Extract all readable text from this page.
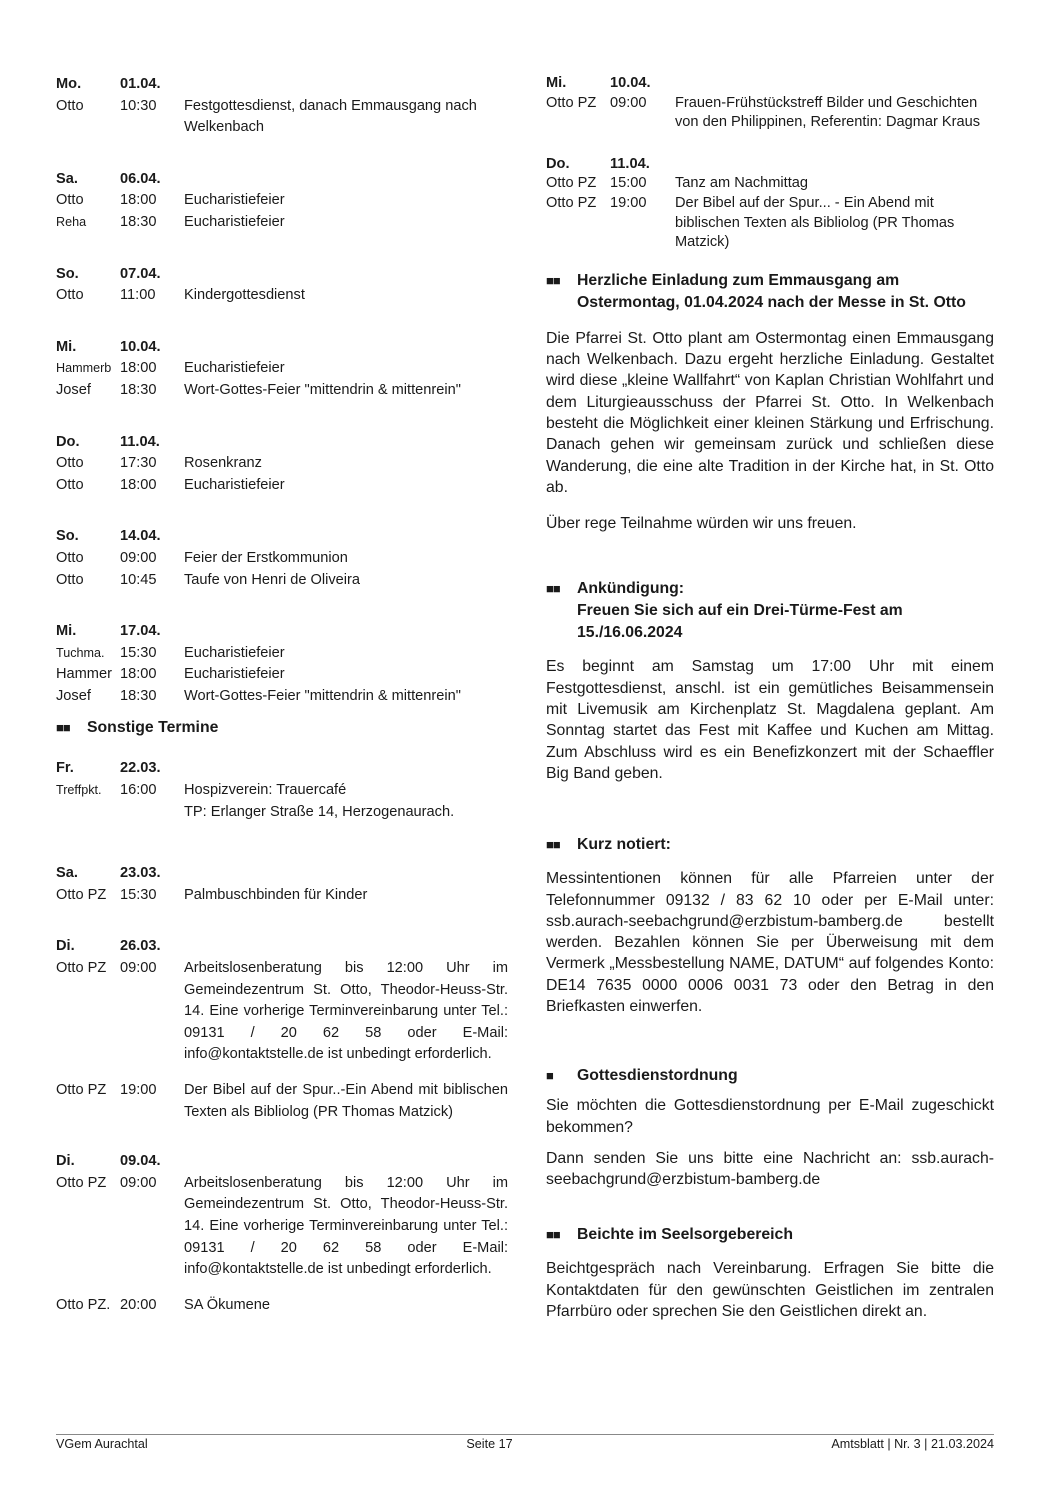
Mo.	01.04.
Otto	10:30	Festgottesdienst, danach Emmausgang nach Welkenbach
Sa.	06.04.
Otto	18:00	Eucharistiefeier
Reha	18:30	Eucharistiefeier
So.	07.04.
Otto	11:00	Kindergottesdienst
Mi.	10.04.
Hammerb 18:00	Eucharistiefeier
Josef	18:30	Wort-Gottes-Feier "mittendrin & mittenrein"
Do.	11.04.
Otto	17:30	Rosenkranz
Otto	18:00	Eucharistiefeier
So.	14.04.
Otto	09:00	Feier der Erstkommunion
Otto	10:45	Taufe von Henri de Oliveira
Mi.	17.04.
Tuchma.	15:30	Eucharistiefeier
Hammer 18:00	Eucharistiefeier
Josef	18:30	Wort-Gottes-Feier "mittendrin & mittenrein"
■■	Sonstige Termine
Fr.	22.03.
Treffpkt.	16:00	Hospizverein: Trauercafé
TP: Erlanger Straße 14, Herzogenaurach.
Sa.	23.03.
Otto PZ 15:30	Palmbuschbinden für Kinder
Di.	26.03.
Otto PZ 09:00	Arbeitslosenberatung bis 12:00 Uhr im Gemeindezentrum St. Otto, Theodor-Heuss-Str. 14. Eine vorherige Terminvereinbarung unter Tel.: 09131 / 20 62 58 oder E-Mail: info@kontaktstelle.de ist unbedingt erforderlich.
Otto PZ 19:00	Der Bibel auf der Spur..-Ein Abend mit biblischen Texten als Bibliolog (PR Thomas Matzick)
Di.	09.04.
Otto PZ 09:00	Arbeitslosenberatung bis 12:00 Uhr im Gemeindezentrum St. Otto, Theodor-Heuss-Str. 14. Eine vorherige Terminvereinbarung unter Tel.: 09131 / 20 62 58 oder E-Mail: info@kontaktstelle.de ist unbedingt erforderlich.
Otto PZ. 20:00	SA Ökumene
Mi.	10.04.
Otto PZ 09:00	Frauen-Frühstückstreff Bilder und Geschichten von den Philippinen, Referentin: Dagmar Kraus
Do.	11.04.
Otto PZ 15:00	Tanz am Nachmittag
Otto PZ 19:00	Der Bibel auf der Spur... - Ein Abend mit biblischen Texten als Bibliolog (PR Thomas Matzick)
■■	Herzliche Einladung zum Emmausgang am Ostermontag, 01.04.2024 nach der Messe in St. Otto

Die Pfarrei St. Otto plant am Ostermontag einen Emmausgang nach Welkenbach. Dazu ergeht herzliche Einladung. Gestaltet wird diese „kleine Wallfahrt“ von Kaplan Christian Wohlfahrt und dem Liturgieausschuss der Pfarrei St. Otto. In Welkenbach besteht die Möglichkeit einer kleinen Stärkung und Erfrischung. Danach gehen wir gemeinsam zurück und schließen diese Wanderung, die eine alte Tradition in der Kirche hat, in St. Otto ab.

Über rege Teilnahme würden wir uns freuen.

■■	Ankündigung:
Freuen Sie sich auf ein Drei-Türme-Fest am 15./16.06.2024

Es beginnt am Samstag um 17:00 Uhr mit einem Festgottesdienst, anschl. ist ein gemütliches Beisammensein mit Livemusik am Kirchenplatz St. Magdalena geplant. Am Sonntag startet das Fest mit Kaffee und Kuchen am Mittag. Zum Abschluss wird es ein Benefizkonzert mit der Schaeffler Big Band geben.

■■	Kurz notiert:

Messintentionen können für alle Pfarreien unter der Telefonnummer 09132 / 83 62 10 oder per E-Mail unter: ssb.aurach-seebachgrund@erzbistum-bamberg.de bestellt werden. Bezahlen können Sie per Überweisung mit dem Vermerk „Messbestellung NAME, DATUM“ auf folgendes Konto: DE14 7635 0000 0006 0031 73 oder den Betrag in den Briefkasten einwerfen.

■	Gottesdienstordnung

Sie möchten die Gottesdienstordnung per E-Mail zugeschickt bekommen?

Dann senden Sie uns bitte eine Nachricht an: ssb.aurach-seebachgrund@erzbistum-bamberg.de

■■	Beichte im Seelsorgebereich

Beichtgespräch nach Vereinbarung. Erfragen Sie bitte die Kontaktdaten für den gewünschten Geistlichen im zentralen Pfarrbüro oder sprechen Sie den Geistlichen direkt an.

VGem Aurachtal	Seite 17	Amtsblatt | Nr. 3 | 21.03.2024
